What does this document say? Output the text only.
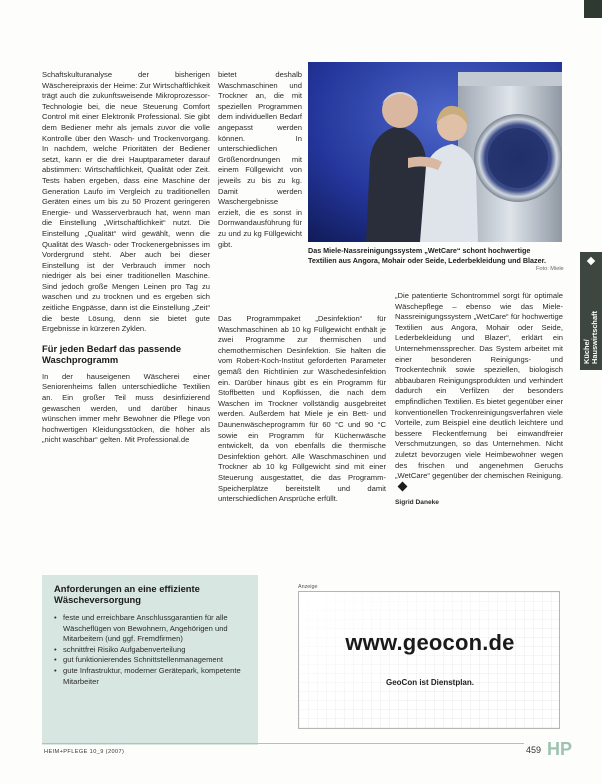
Schaftskulturanalyse der bisherigen Wäschereipraxis der Heime: Zur Wirtschaftlichkeit trägt auch die zukunftsweisende Mikroprozessor-Technologie bei, die neue Steuerung Comfort Control mit einer Elektronik Professional. Sie gibt dem Bediener mehr als jemals zuvor die volle Kontrolle über den Wasch- und Trockenvorgang. In nachdem, welche Prioritäten der Bediener setzt, kann er die drei Hauptparameter darauf abstimmen: Wirtschaftlichkeit, Qualität oder Zeit. Tests haben ergeben, dass eine Maschine der Generation Laufo im Vergleich zu traditionellen Geräten eines um bis zu 50 Prozent geringeren Energie- und Wasserverbrauch hat, wenn man die Einstellung „Wirtschaftlichkeit“ nutzt. Die Einstellung „Qualität“ wird gewählt, wenn die Qualität des Wasch- oder Trockenergebnisses im Vordergrund steht. Aber auch bei dieser Einstellung ist der Verbrauch immer noch niedriger als bei einer traditionellen Maschine. Sind jedoch große Mengen Leinen pro Tag zu waschen und zu trocknen und es ergeben sich zeitliche Engpässe, dann ist die Einstellung „Zeit“ die beste Lösung, denn sie bietet gute Ergebnisse in kürzeren Zyklen.

Für jeden Bedarf das passende Waschprogramm

In der hauseigenen Wäscherei einer Seniorenheims fallen unterschiedliche Textilien an. Ein großer Teil muss desinfizierend gewaschen werden, und darüber hinaus wünschen immer mehr Bewohner die Pflege von hochwertigen Kleidungsstücken, die höher als „nicht waschbar“ gelten. Mit Professional.de

bietet deshalb Waschmaschinen und Trockner an, die mit speziellen Programmen dem individuellen Bedarf angepasst werden können. In unterschiedlichen Größenordnungen mit einem Füllgewicht von jeweils zu bis zu kg. Damit werden Waschergebnisse erzielt, die es sonst in Dornwandausführung für zu und zu kg Füllgewicht gibt.

Das Programmpaket „Desinfektion“ für Waschmaschinen ab 10 kg Füllgewicht enthält je zwei Programme zur thermischen und chemothermischen Desinfektion. Sie halten die vom Robert-Koch-Institut geforderten Parameter gemäß den Richtlinien zur Wäschedesinfektion ein. Darüber hinaus gibt es ein Programm für Stoffbetten und Kopfkissen, die nach dem Waschen im Trockner vollständig ausgebreitet werden. Außerdem hat Miele je ein Bett- und Daunenwäscheprogramm für 60 °C und 90 °C sowie ein Programm für Küchenwäsche entwickelt, da von ebenfalls die thermische Desinfektion gehört. Alle Waschmaschinen und Trockner ab 10 kg Füllgewicht sind mit einer Steuerung ausgestattet, die das Programm-Speicherplätze bereitstellt und damit unterschiedlichen Ansprüche erfüllt.

Das Miele-Nassreinigungssystem „WetCare“ schont hochwertige Textilien aus Angora, Mohair oder Seide, Lederbekleidung und Blazer.
Foto: Miele
Küche/
Hauswirtschaft

„Die patentierte Schontrommel sorgt für optimale Wäschepflege – ebenso wie das Miele-Nassreinigungssystem „WetCare“ für hochwertige Textilien aus Angora, Mohair oder Seide, Lederbekleidung und Blazer“, erklärt ein Unternehmenssprecher. Das System arbeitet mit einer besonderen Reinigungs- und Trockentechnik sowie speziellen, biologisch abbaubaren Reinigungsprodukten und verhindert dadurch ein Verfilzen der besonders empfindlichen Textilien. Es bietet gegenüber einer konventionellen Trockenreinigungsverfahren viele Vorteile, zum Beispiel eine deutlich leichtere und bessere Fleckentfernung bei einwandfreier Verschmutzungen, so das Unternehmen. Nicht zuletzt bevorzugen viele Heimbewohner wegen des frischen und angenehmen Geruchs „WetCare“ gegenüber der chemischen Reinigung.

Sigrid Daneke

Anforderungen an eine effiziente Wäscheversorgung
• feste und erreichbare Anschlussgarantien für alle Wäscheflügen von Bewohnern, Angehörigen und Mitarbeitern (und ggf. Fremdfirmen)
• schnittfrei Risiko Aufgabenverteilung
• gut funktionierendes Schnittstellenmanagement
• gute Infrastruktur, moderner Gerätepark, kompetente Mitarbeiter
Anzeige
www.geocon.de
GeoCon ist Dienstplan.
HEIM+PFLEGE 10_9 (2007)	459 HP
